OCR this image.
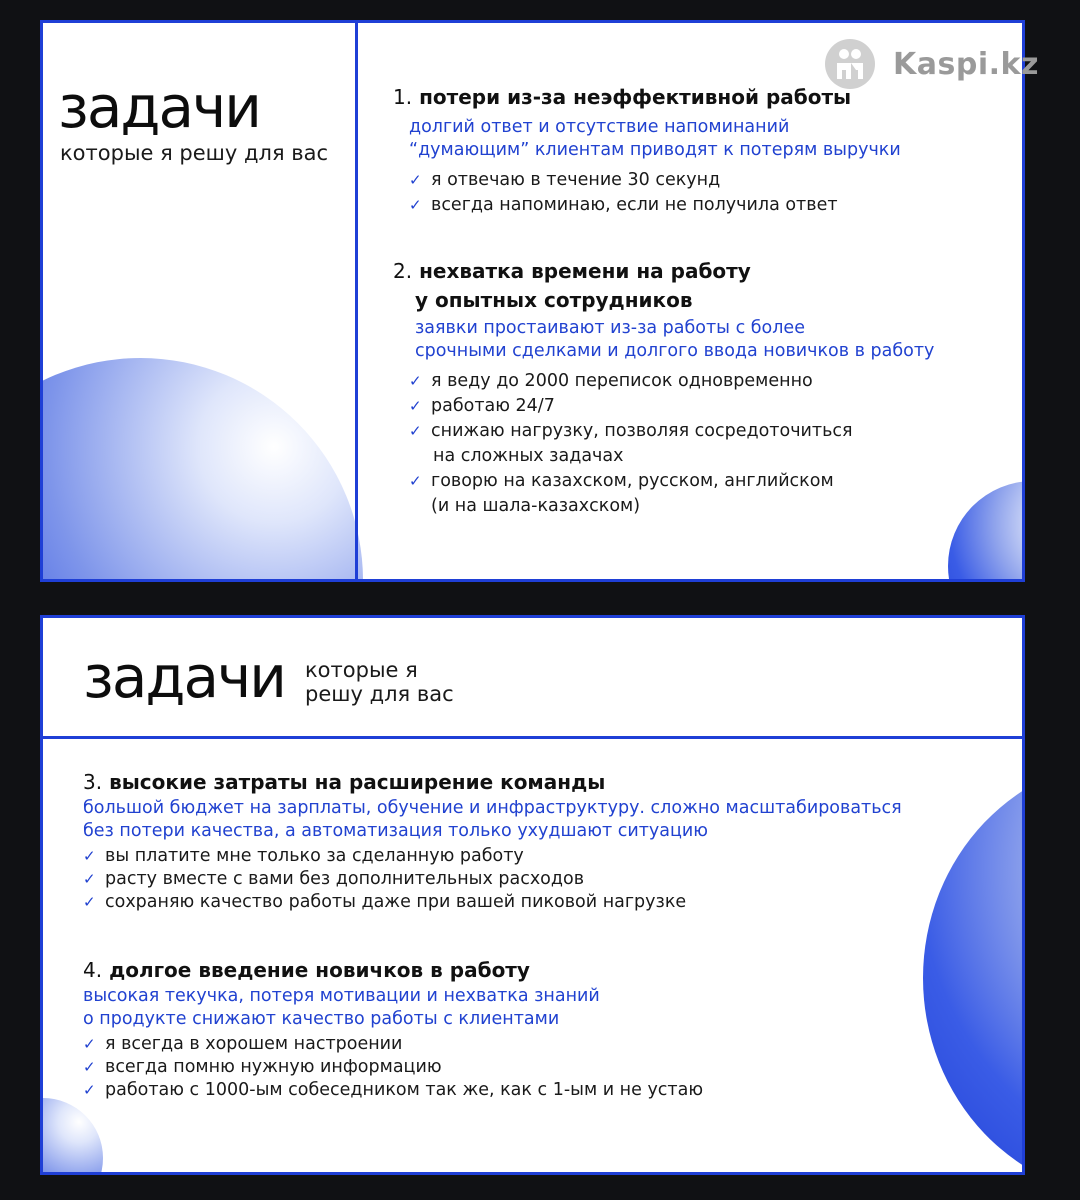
задачи
которые я решу для вас

1. потери из-за неэффективной работы

долгий ответ и отсутствие напоминаний

“думающим” клиентам приводят к потерям выручки

✓ я отвечаю в течение 30 секунд

✓ всегда напоминаю, если не получила ответ

2. нехватка времени на работу

у опытных сотрудников

заявки простаивают из-за работы с более

срочными сделками и долгого ввода новичков в работу

✓ я веду до 2000 переписок одновременно

✓ работаю 24/7

✓ снижаю нагрузку, позволяя сосредоточиться
на сложных задачах

✓ говорю на казахском, русском, английском
(и на шала-казахском)

Kaspi.kz
задачи которые я
решу для вас

3. высокие затраты на расширение команды

большой бюджет на зарплаты, обучение и инфраструктуру. сложно масштабироваться

без потери качества, а автоматизация только ухудшают ситуацию

✓ вы платите мне только за сделанную работу

✓ расту вместе с вами без дополнительных расходов

✓ сохраняю качество работы даже при вашей пиковой нагрузке

4. долгое введение новичков в работу

высокая текучка, потеря мотивации и нехватка знаний

о продукте снижают качество работы с клиентами

✓ я всегда в хорошем настроении

✓ всегда помню нужную информацию

✓ работаю с 1000-ым собеседником так же, как с 1-ым и не устаю
